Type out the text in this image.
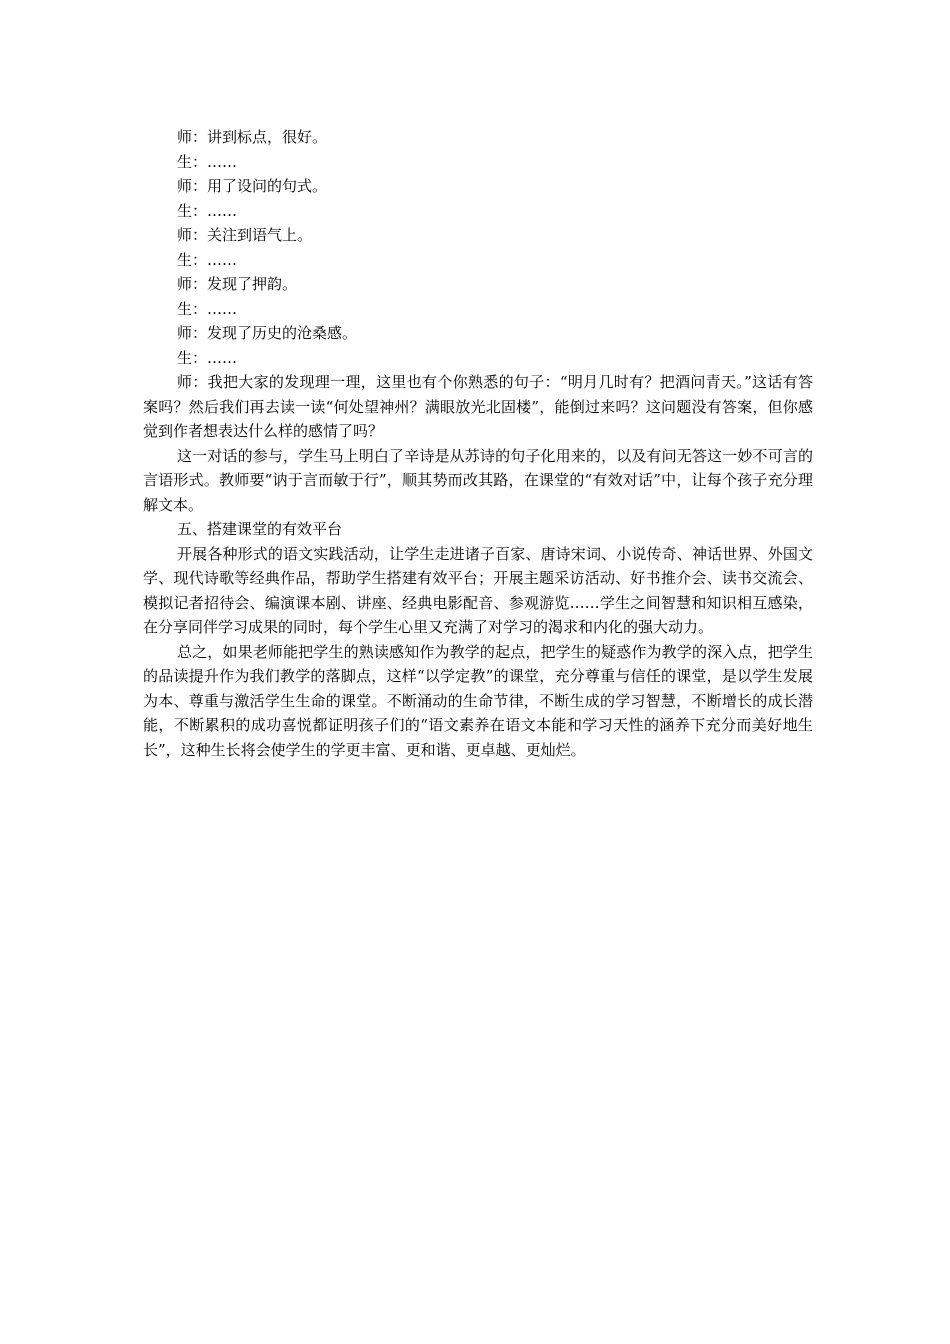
师：讲到标点，很好。

生：……

师：用了设问的句式。

生：……

师：关注到语气上。

生：……

师：发现了押韵。

生：……

师：发现了历史的沧桑感。

生：……

师：我把大家的发现理一理，这里也有个你熟悉的句子：“明月几时有？把酒问青天。”这话有答案吗？然后我们再去读一读“何处望神州？满眼放光北固楼”，能倒过来吗？这问题没有答案，但你感觉到作者想表达什么样的感情了吗？

这一对话的参与，学生马上明白了辛诗是从苏诗的句子化用来的，以及有问无答这一妙不可言的言语形式。教师要“讷于言而敏于行”，顺其势而改其路，在课堂的“有效对话”中，让每个孩子充分理解文本。

五、搭建课堂的有效平台

开展各种形式的语文实践活动，让学生走进诸子百家、唐诗宋词、小说传奇、神话世界、外国文学、现代诗歌等经典作品，帮助学生搭建有效平台；开展主题采访活动、好书推介会、读书交流会、模拟记者招待会、编演课本剧、讲座、经典电影配音、参观游览……学生之间智慧和知识相互感染，在分享同伴学习成果的同时，每个学生心里又充满了对学习的渴求和内化的强大动力。

总之，如果老师能把学生的熟读感知作为教学的起点，把学生的疑惑作为教学的深入点，把学生的品读提升作为我们教学的落脚点，这样“以学定教”的课堂，充分尊重与信任的课堂，是以学生发展为本、尊重与激活学生生命的课堂。不断涌动的生命节律，不断生成的学习智慧，不断增长的成长潜能，不断累积的成功喜悦都证明孩子们的“语文素养在语文本能和学习天性的涵养下充分而美好地生长”，这种生长将会使学生的学更丰富、更和谐、更卓越、更灿烂。
